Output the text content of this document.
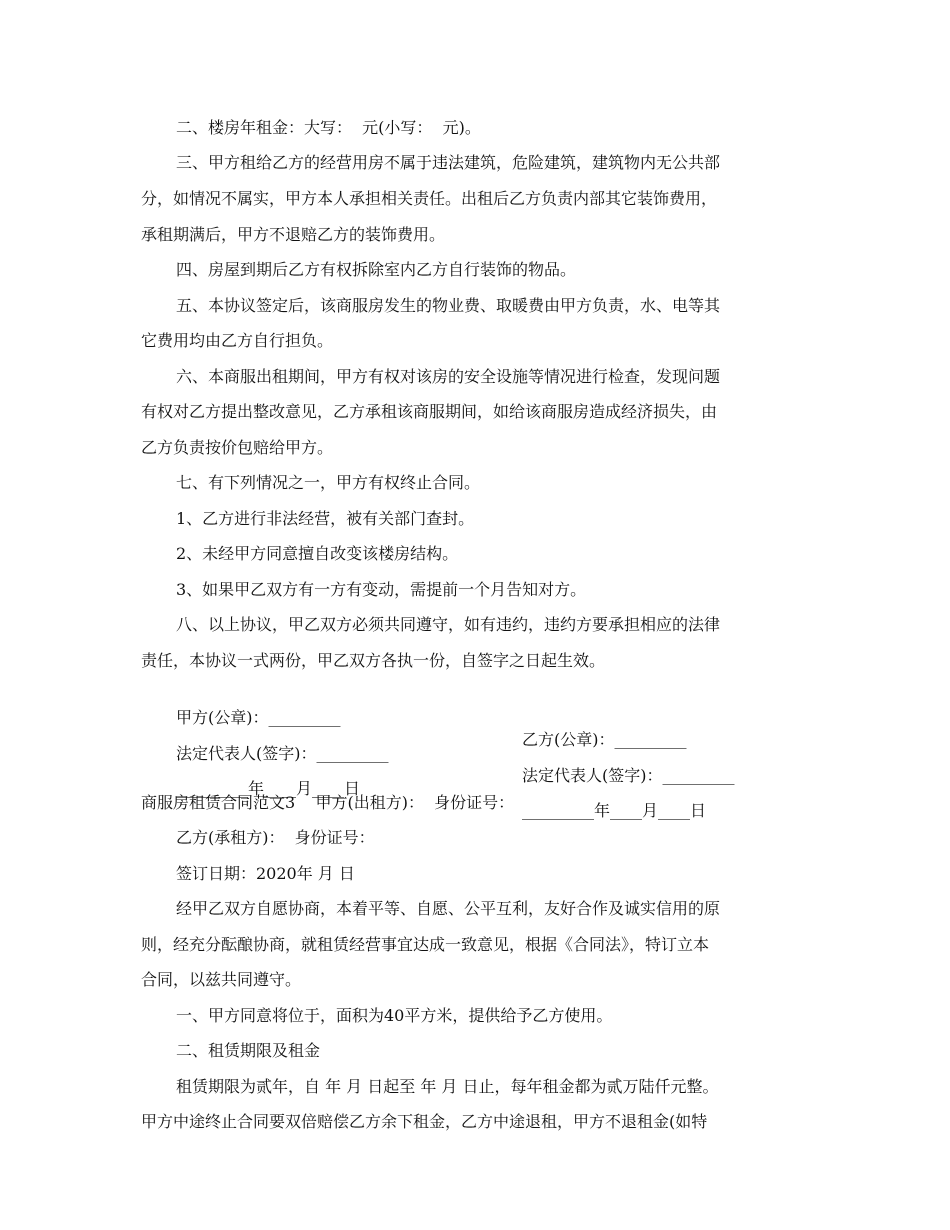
二、楼房年租金：大写：  元(小写：  元)。
三、甲方租给乙方的经营用房不属于违法建筑，危险建筑，建筑物内无公共部
分，如情况不属实，甲方本人承担相关责任。出租后乙方负责内部其它装饰费用，
承租期满后，甲方不退赔乙方的装饰费用。
四、房屋到期后乙方有权拆除室内乙方自行装饰的物品。
五、本协议签定后，该商服房发生的物业费、取暖费由甲方负责，水、电等其
它费用均由乙方自行担负。
六、本商服出租期间，甲方有权对该房的安全设施等情况进行检查，发现问题
有权对乙方提出整改意见，乙方承租该商服期间，如给该商服房造成经济损失，由
乙方负责按价包赔给甲方。
七、有下列情况之一，甲方有权终止合同。
1、乙方进行非法经营，被有关部门查封。
2、未经甲方同意擅自改变该楼房结构。
3、如果甲乙双方有一方有变动，需提前一个月告知对方。
八、以上协议，甲乙双方必须共同遵守，如有违约，违约方要承担相应的法律
责任，本协议一式两份，甲乙双方各执一份，自签字之日起生效。

甲方(公章)：_________

乙方(公章)：_________

法定代表人(签字)：_________

法定代表人(签字)：_________

_________年____月____日

_________年____月____日

商服房租赁合同范文3    甲方(出租方)：  身份证号：
乙方(承租方)：  身份证号：
签订日期：2020年 月 日
经甲乙双方自愿协商，本着平等、自愿、公平互利，友好合作及诚实信用的原
则，经充分酝酿协商，就租赁经营事宜达成一致意见，根据《合同法》，特订立本
合同，以兹共同遵守。
一、甲方同意将位于，面积为40平方米，提供给予乙方使用。
二、租赁期限及租金
租赁期限为贰年，自 年 月 日起至 年 月 日止，每年租金都为贰万陆仟元整。
甲方中途终止合同要双倍赔偿乙方余下租金，乙方中途退租，甲方不退租金(如特
